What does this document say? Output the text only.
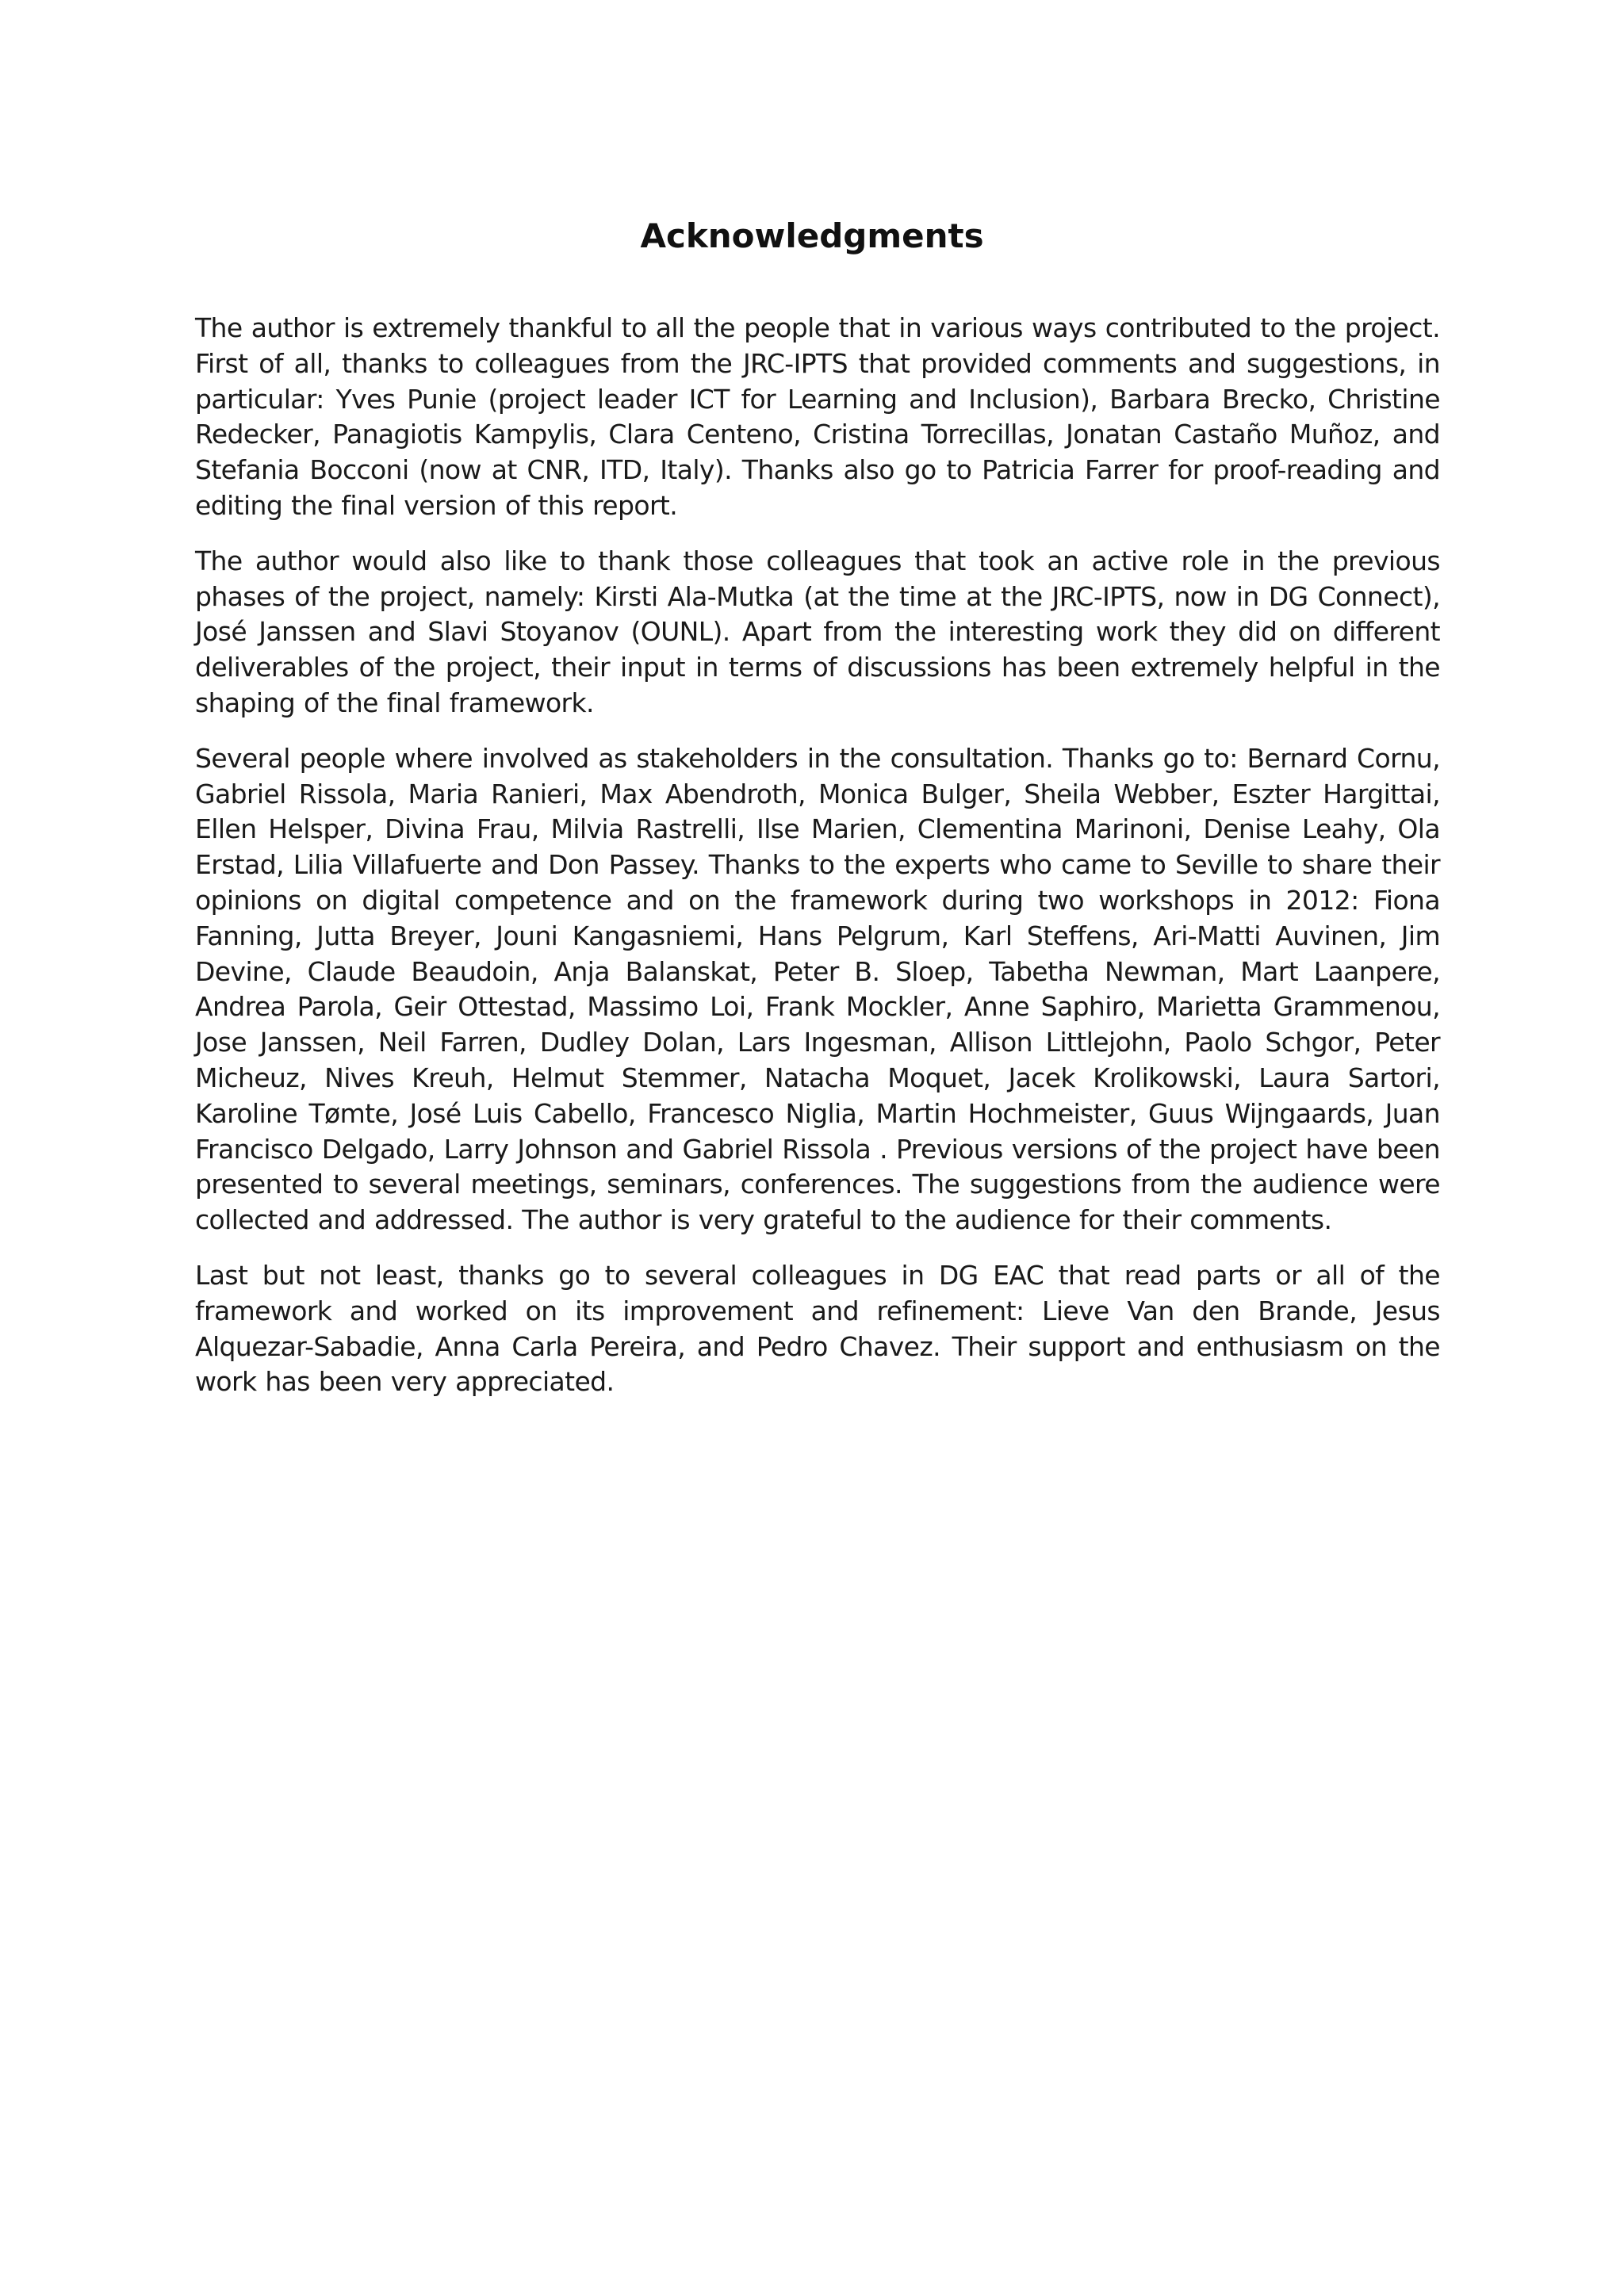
Acknowledgments

The author is extremely thankful to all the people that in various ways contributed to the project. First of all, thanks to colleagues from the JRC-IPTS that provided comments and suggestions, in particular: Yves Punie (project leader ICT for Learning and Inclusion), Barbara Brecko, Christine Redecker, Panagiotis Kampylis, Clara Centeno, Cristina Torrecillas, Jonatan Castaño Muñoz, and Stefania Bocconi (now at CNR, ITD, Italy). Thanks also go to Patricia Farrer for proof-reading and editing the final version of this report.

The author would also like to thank those colleagues that took an active role in the previous phases of the project, namely: Kirsti Ala-Mutka (at the time at the JRC-IPTS, now in DG Connect), José Janssen and Slavi Stoyanov (OUNL). Apart from the interesting work they did on different deliverables of the project, their input in terms of discussions has been extremely helpful in the shaping of the final framework.

Several people where involved as stakeholders in the consultation. Thanks go to: Bernard Cornu, Gabriel Rissola, Maria Ranieri, Max Abendroth, Monica Bulger, Sheila Webber, Eszter Hargittai, Ellen Helsper, Divina Frau, Milvia Rastrelli, Ilse Marien, Clementina Marinoni, Denise Leahy, Ola Erstad, Lilia Villafuerte and Don Passey. Thanks to the experts who came to Seville to share their opinions on digital competence and on the framework during two workshops in 2012: Fiona Fanning, Jutta Breyer, Jouni Kangasniemi, Hans Pelgrum, Karl Steffens, Ari-Matti Auvinen, Jim Devine, Claude Beaudoin, Anja Balanskat, Peter B. Sloep, Tabetha Newman, Mart Laanpere, Andrea Parola, Geir Ottestad, Massimo Loi, Frank Mockler, Anne Saphiro, Marietta Grammenou, Jose Janssen, Neil Farren, Dudley Dolan, Lars Ingesman, Allison Littlejohn, Paolo Schgor, Peter Micheuz, Nives Kreuh, Helmut Stemmer, Natacha Moquet, Jacek Krolikowski, Laura Sartori, Karoline Tømte, José Luis Cabello, Francesco Niglia, Martin Hochmeister, Guus Wijngaards, Juan Francisco Delgado, Larry Johnson and Gabriel Rissola . Previous versions of the project have been presented to several meetings, seminars, conferences. The suggestions from the audience were collected and addressed. The author is very grateful to the audience for their comments.

Last but not least, thanks go to several colleagues in DG EAC that read parts or all of the framework and worked on its improvement and refinement: Lieve Van den Brande, Jesus Alquezar-Sabadie, Anna Carla Pereira, and Pedro Chavez. Their support and enthusiasm on the work has been very appreciated.
